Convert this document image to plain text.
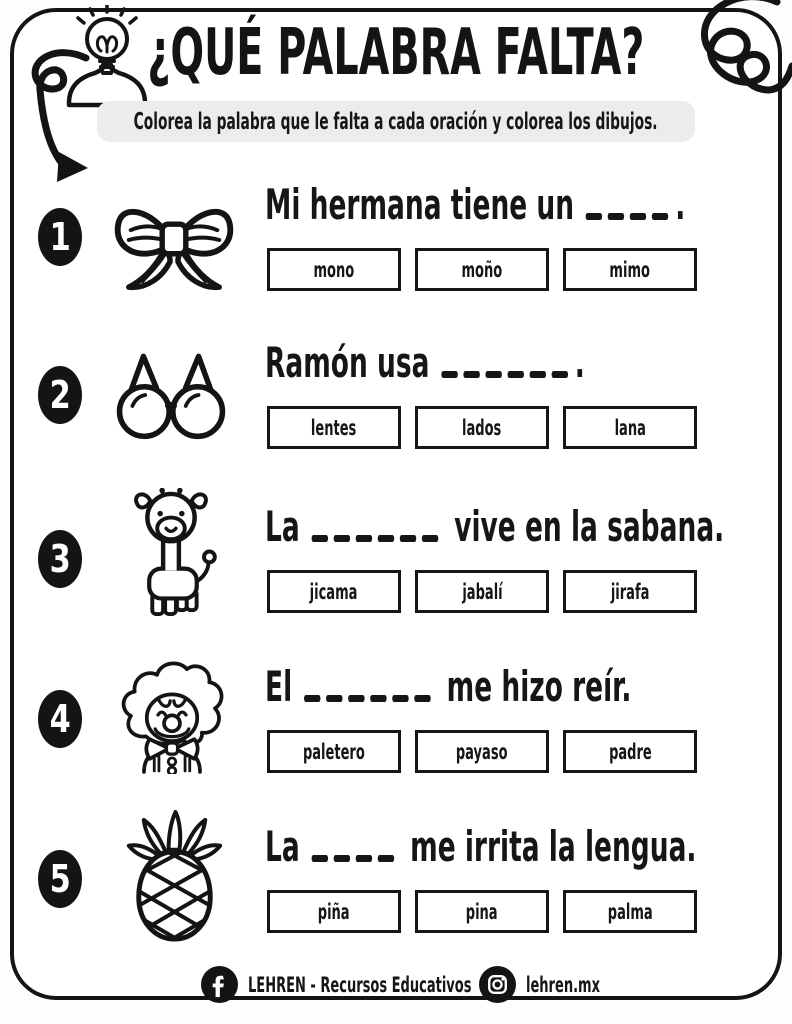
¿QUÉ PALABRA FALTA?
Colorea la palabra que le falta a cada oración y colorea los dibujos.
1
Mi hermana tiene un .
mono	moño	mimo
2
Ramón usa	.
lentes	lados	lana
3
La	vive en la sabana.
jicama	jabalí	jirafa
4
El	me hizo reír.
paletero	payaso	padre
5
La  me irrita la lengua.
piña	pina	palma
LEHREN - Recursos Educativos	lehren.mx
